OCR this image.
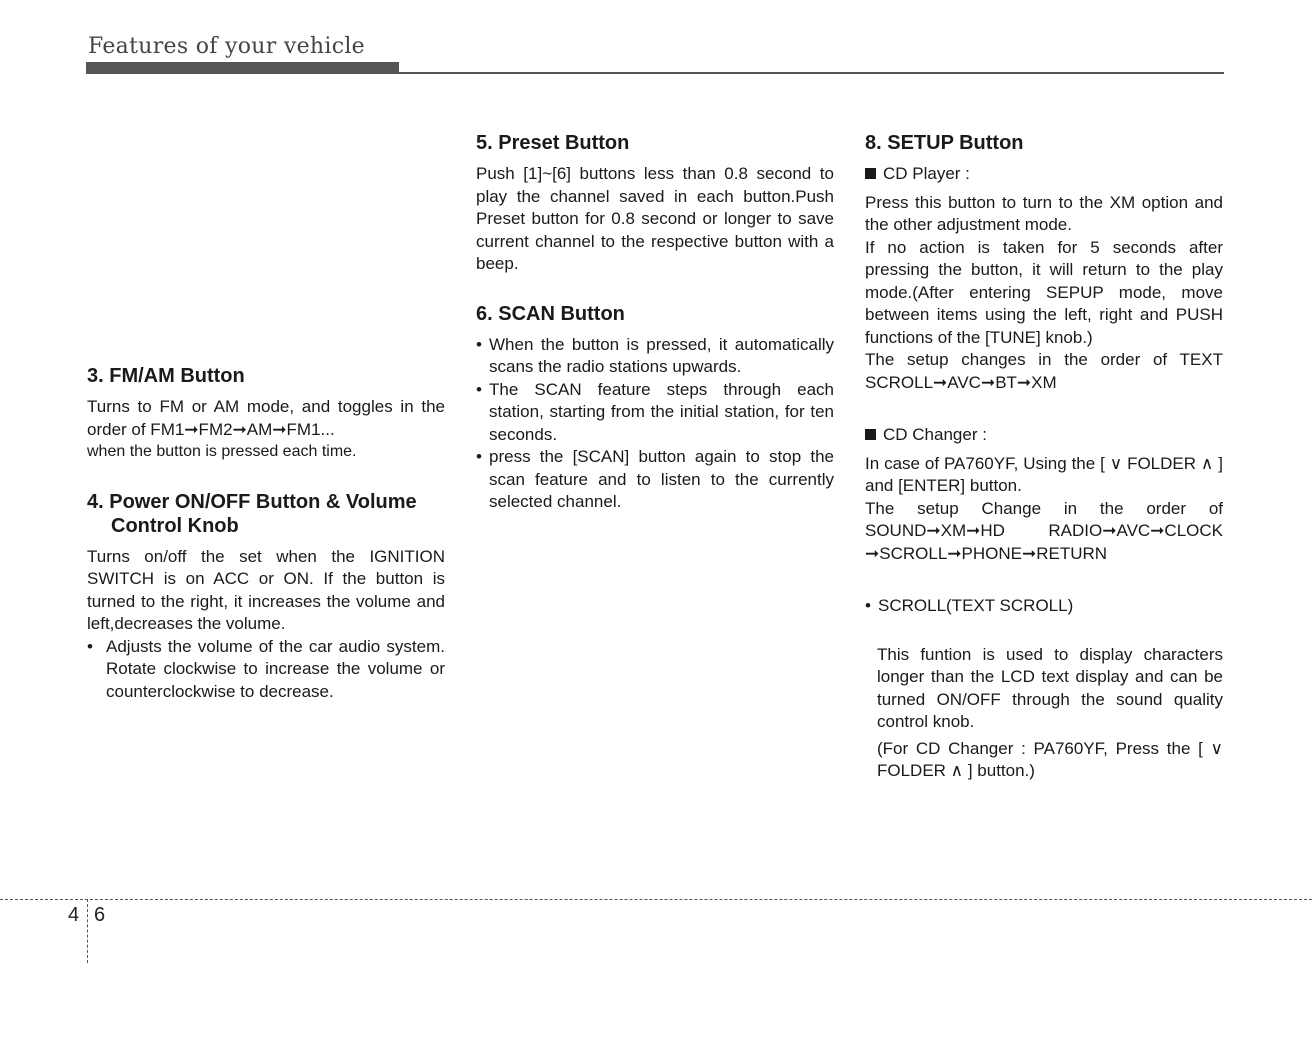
Features of your vehicle
3. FM/AM Button

Turns to FM or AM mode, and toggles in the order of FM1➞FM2➞AM➞FM1...

when the button is pressed each time.

4. Power ON/OFF Button & Volume Control Knob

Turns on/off the set when the IGNITION SWITCH is on ACC or ON. If the button is turned to the right, it increases the volume and left,decreases the volume.

• Adjusts the volume of the car audio system. Rotate clockwise to increase the volume or counterclockwise to decrease.
5. Preset Button

Push [1]~[6] buttons less than 0.8 second to play the channel saved in each button.Push Preset button for 0.8 second or longer to save current channel to the respective button with a beep.

6. SCAN Button
• When the button is pressed, it automatically scans the radio stations upwards.
• The SCAN feature steps through each station, starting from the initial station, for ten seconds.
• press the [SCAN] button again to stop the scan feature and to listen to the currently selected channel.
8. SETUP Button
CD Player :

Press this button to turn to the XM option and the other adjustment mode.

If no action is taken for 5 seconds after pressing the button, it will return to the play mode.(After entering SEPUP mode, move between items using the left, right and PUSH functions of the [TUNE] knob.)

The setup changes in the order of TEXT SCROLL➞AVC➞BT➞XM

CD Changer :

In case of PA760YF, Using the [ ∨ FOLDER ∧ ] and [ENTER] button.

The setup Change in the order of SOUND➞XM➞HD RADIO➞AVC➞CLOCK ➞SCROLL➞PHONE➞RETURN

• SCROLL(TEXT SCROLL)

This funtion is used to display characters longer than the LCD text display and can be turned ON/OFF through the sound quality control knob.

(For CD Changer : PA760YF, Press the [ ∨ FOLDER ∧ ] button.)

4 6
